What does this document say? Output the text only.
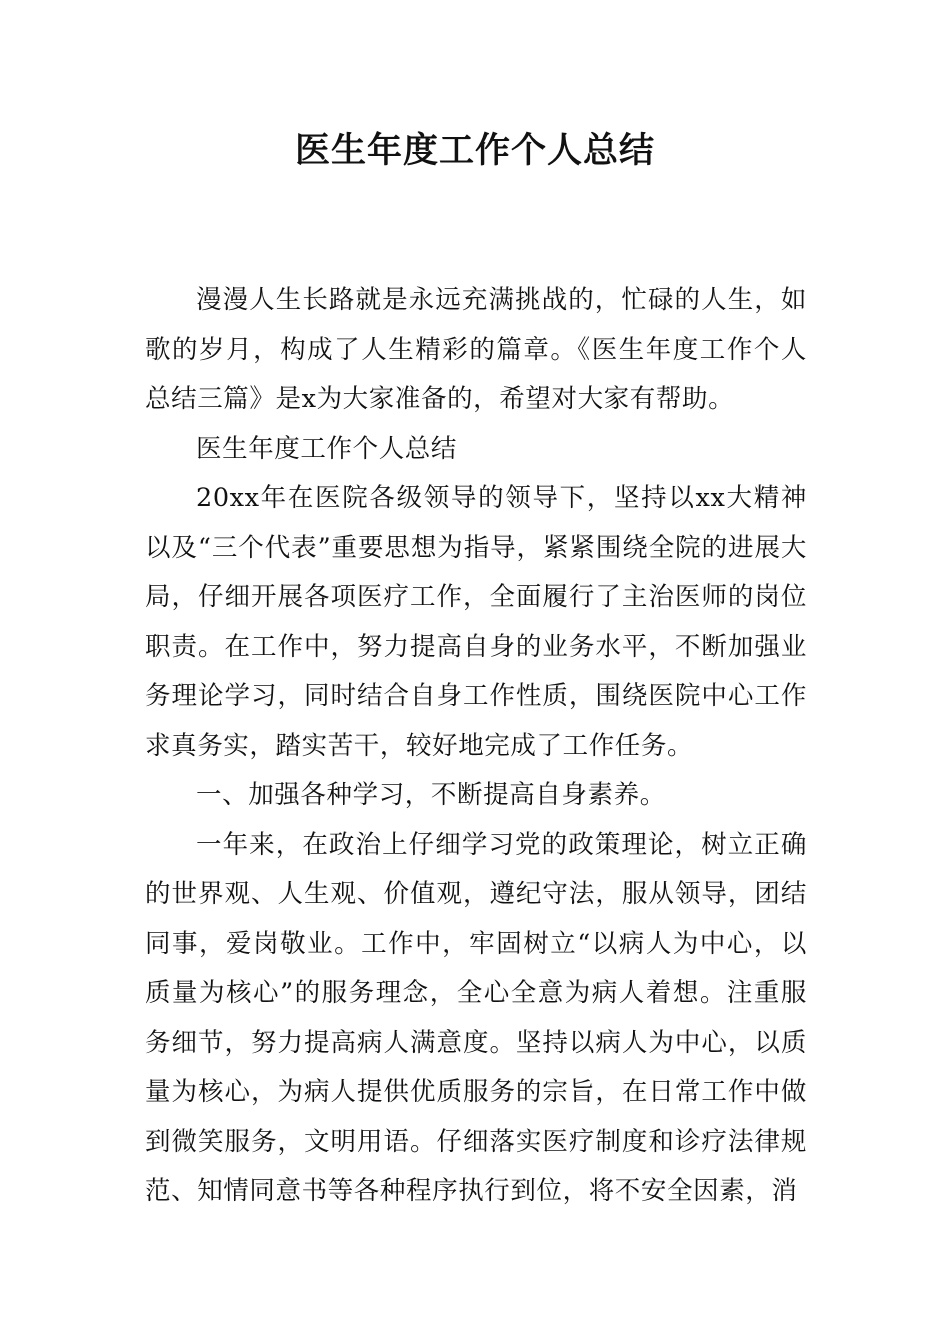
医生年度工作个人总结

漫漫人生长路就是永远充满挑战的，忙碌的人生，如歌的岁月，构成了人生精彩的篇章。《医生年度工作个人总结三篇》是x为大家准备的，希望对大家有帮助。

医生年度工作个人总结

20xx年在医院各级领导的领导下，坚持以xx大精神以及“三个代表”重要思想为指导，紧紧围绕全院的进展大局，仔细开展各项医疗工作，全面履行了主治医师的岗位职责。在工作中，努力提高自身的业务水平，不断加强业务理论学习，同时结合自身工作性质，围绕医院中心工作求真务实，踏实苦干，较好地完成了工作任务。

一、加强各种学习，不断提高自身素养。

一年来，在政治上仔细学习党的政策理论，树立正确的世界观、人生观、价值观，遵纪守法，服从领导，团结同事，爱岗敬业。工作中，牢固树立“以病人为中心，以质量为核心”的服务理念，全心全意为病人着想。注重服务细节，努力提高病人满意度。坚持以病人为中心，以质量为核心，为病人提供优质服务的宗旨，在日常工作中做到微笑服务，文明用语。仔细落实医疗制度和诊疗法律规范、知情同意书等各种程序执行到位，将不安全因素，消
